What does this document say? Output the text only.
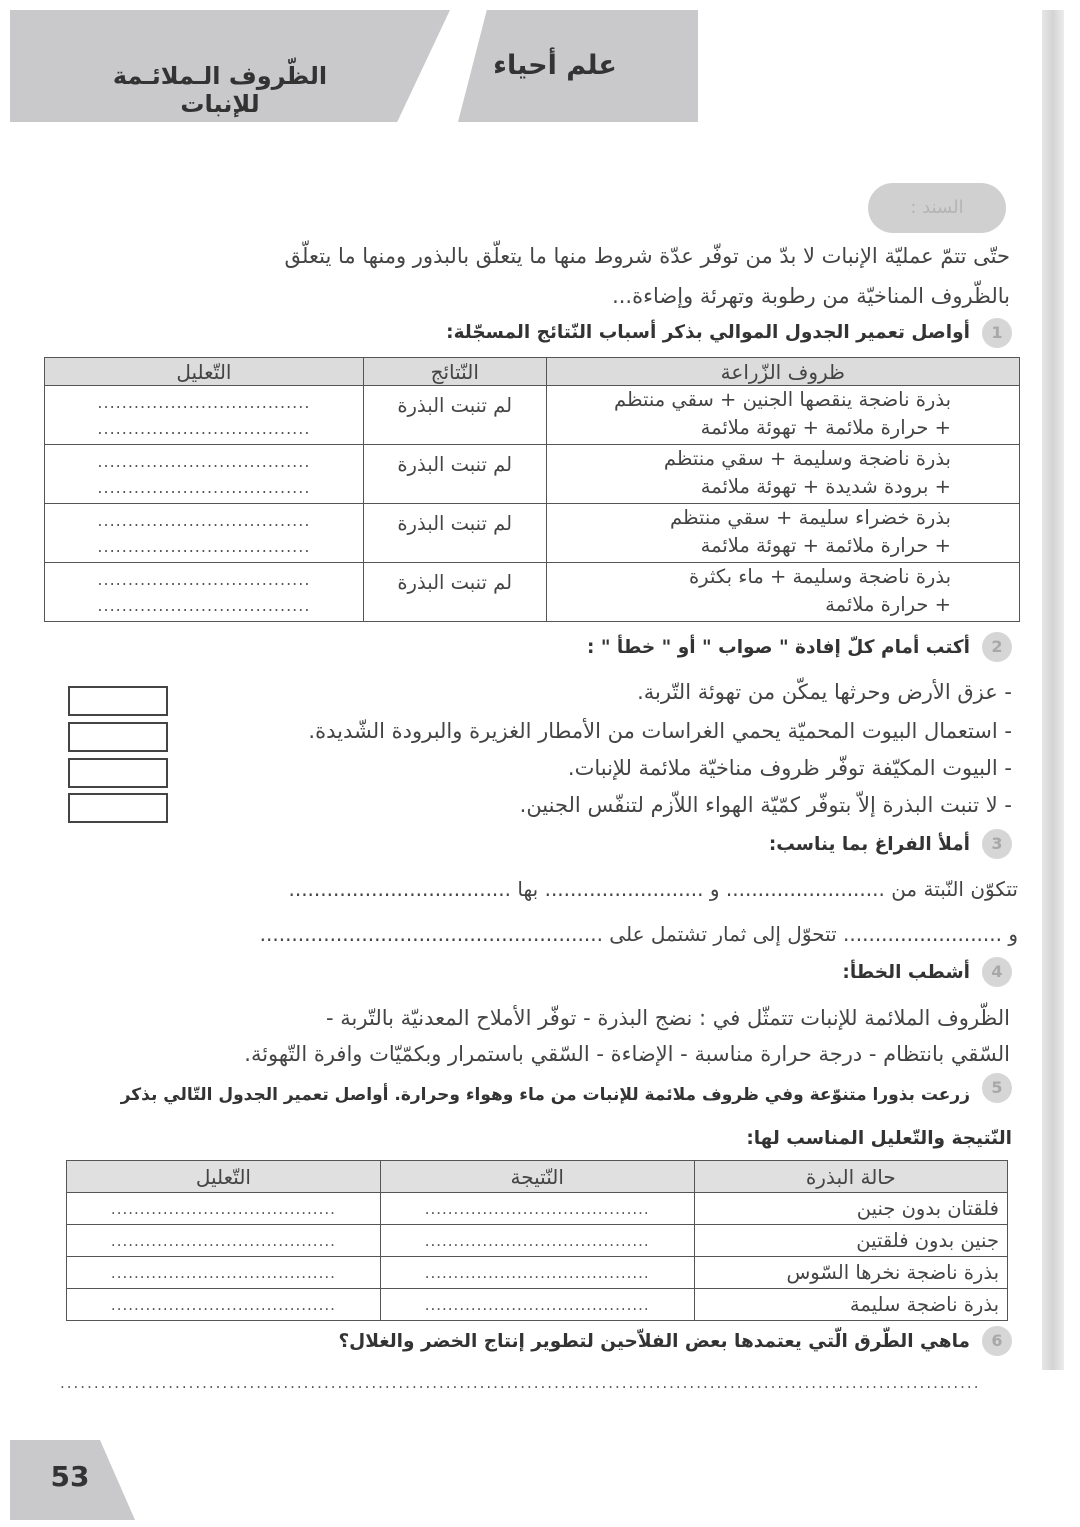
الظّروف الـملائـمة للإنبات
علم أحياء
السند :
حتّى تتمّ عمليّة الإنبات لا بدّ من توفّر عدّة شروط منها ما يتعلّق بالبذور ومنها ما يتعلّق
بالظّروف المناخيّة من رطوبة وتهرئة وإضاءة...
1
أواصل تعمير الجدول الموالي بذكر أسباب النّتائج المسجّلة:
ظروف الزّراعة	النّتائج	التّعليل

بذرة ناضجة ينقصها الجنين + سقي منتظم
+ حرارة ملائمة + تهوئة ملائمة	لم تنبت البذرة	...................................
...................................

بذرة ناضجة وسليمة + سقي منتظم
+ برودة شديدة + تهوئة ملائمة	لم تنبت البذرة	...................................
...................................

بذرة خضراء سليمة + سقي منتظم
+ حرارة ملائمة + تهوئة ملائمة	لم تنبت البذرة	...................................
...................................

بذرة ناضجة وسليمة + ماء بكثرة
+ حرارة ملائمة	لم تنبت البذرة	...................................
...................................
2
أكتب أمام كلّ إفادة " صواب " أو " خطأ " :
- عزق الأرض وحرثها يمكّن من تهوئة التّربة.
- استعمال البيوت المحميّة يحمي الغراسات من الأمطار الغزيرة والبرودة الشّديدة.
- البيوت المكيّفة توفّر ظروف مناخيّة ملائمة للإنبات.
- لا تنبت البذرة إلاّ بتوفّر كمّيّة الهواء اللاّزم لتنفّس الجنين.
3
أملأ الفراغ بما يناسب:
تتكوّن النّبتة من ......................... و ......................... بها ...................................
و ......................... تتحوّل إلى ثمار تشتمل على ......................................................
4
أشطب الخطأ:
الظّروف الملائمة للإنبات تتمثّل في : نضج البذرة - توفّر الأملاح المعدنيّة بالتّربة -
السّقي بانتظام - درجة حرارة مناسبة - الإضاءة - السّقي باستمرار وبكمّيّات وافرة التّهوئة.
5
زرعت بذورا متنوّعة وفي ظروف ملائمة للإنبات من ماء وهواء وحرارة. أواصل تعمير الجدول التّالي بذكر
النّتيجة والتّعليل المناسب لها:
حالة البذرة	النّتيجة	التّعليل
فلقتان بدون جنين	.......................................	.......................................
جنين بدون فلقتين	.......................................	.......................................
بذرة ناضجة نخرها السّوس	.......................................	.......................................
بذرة ناضجة سليمة	.......................................	.......................................
6
ماهي الطّرق الّتي يعتمدها بعض الفلاّحين لتطوير إنتاج الخضر والغلال؟
........................................................................................................................................
53
